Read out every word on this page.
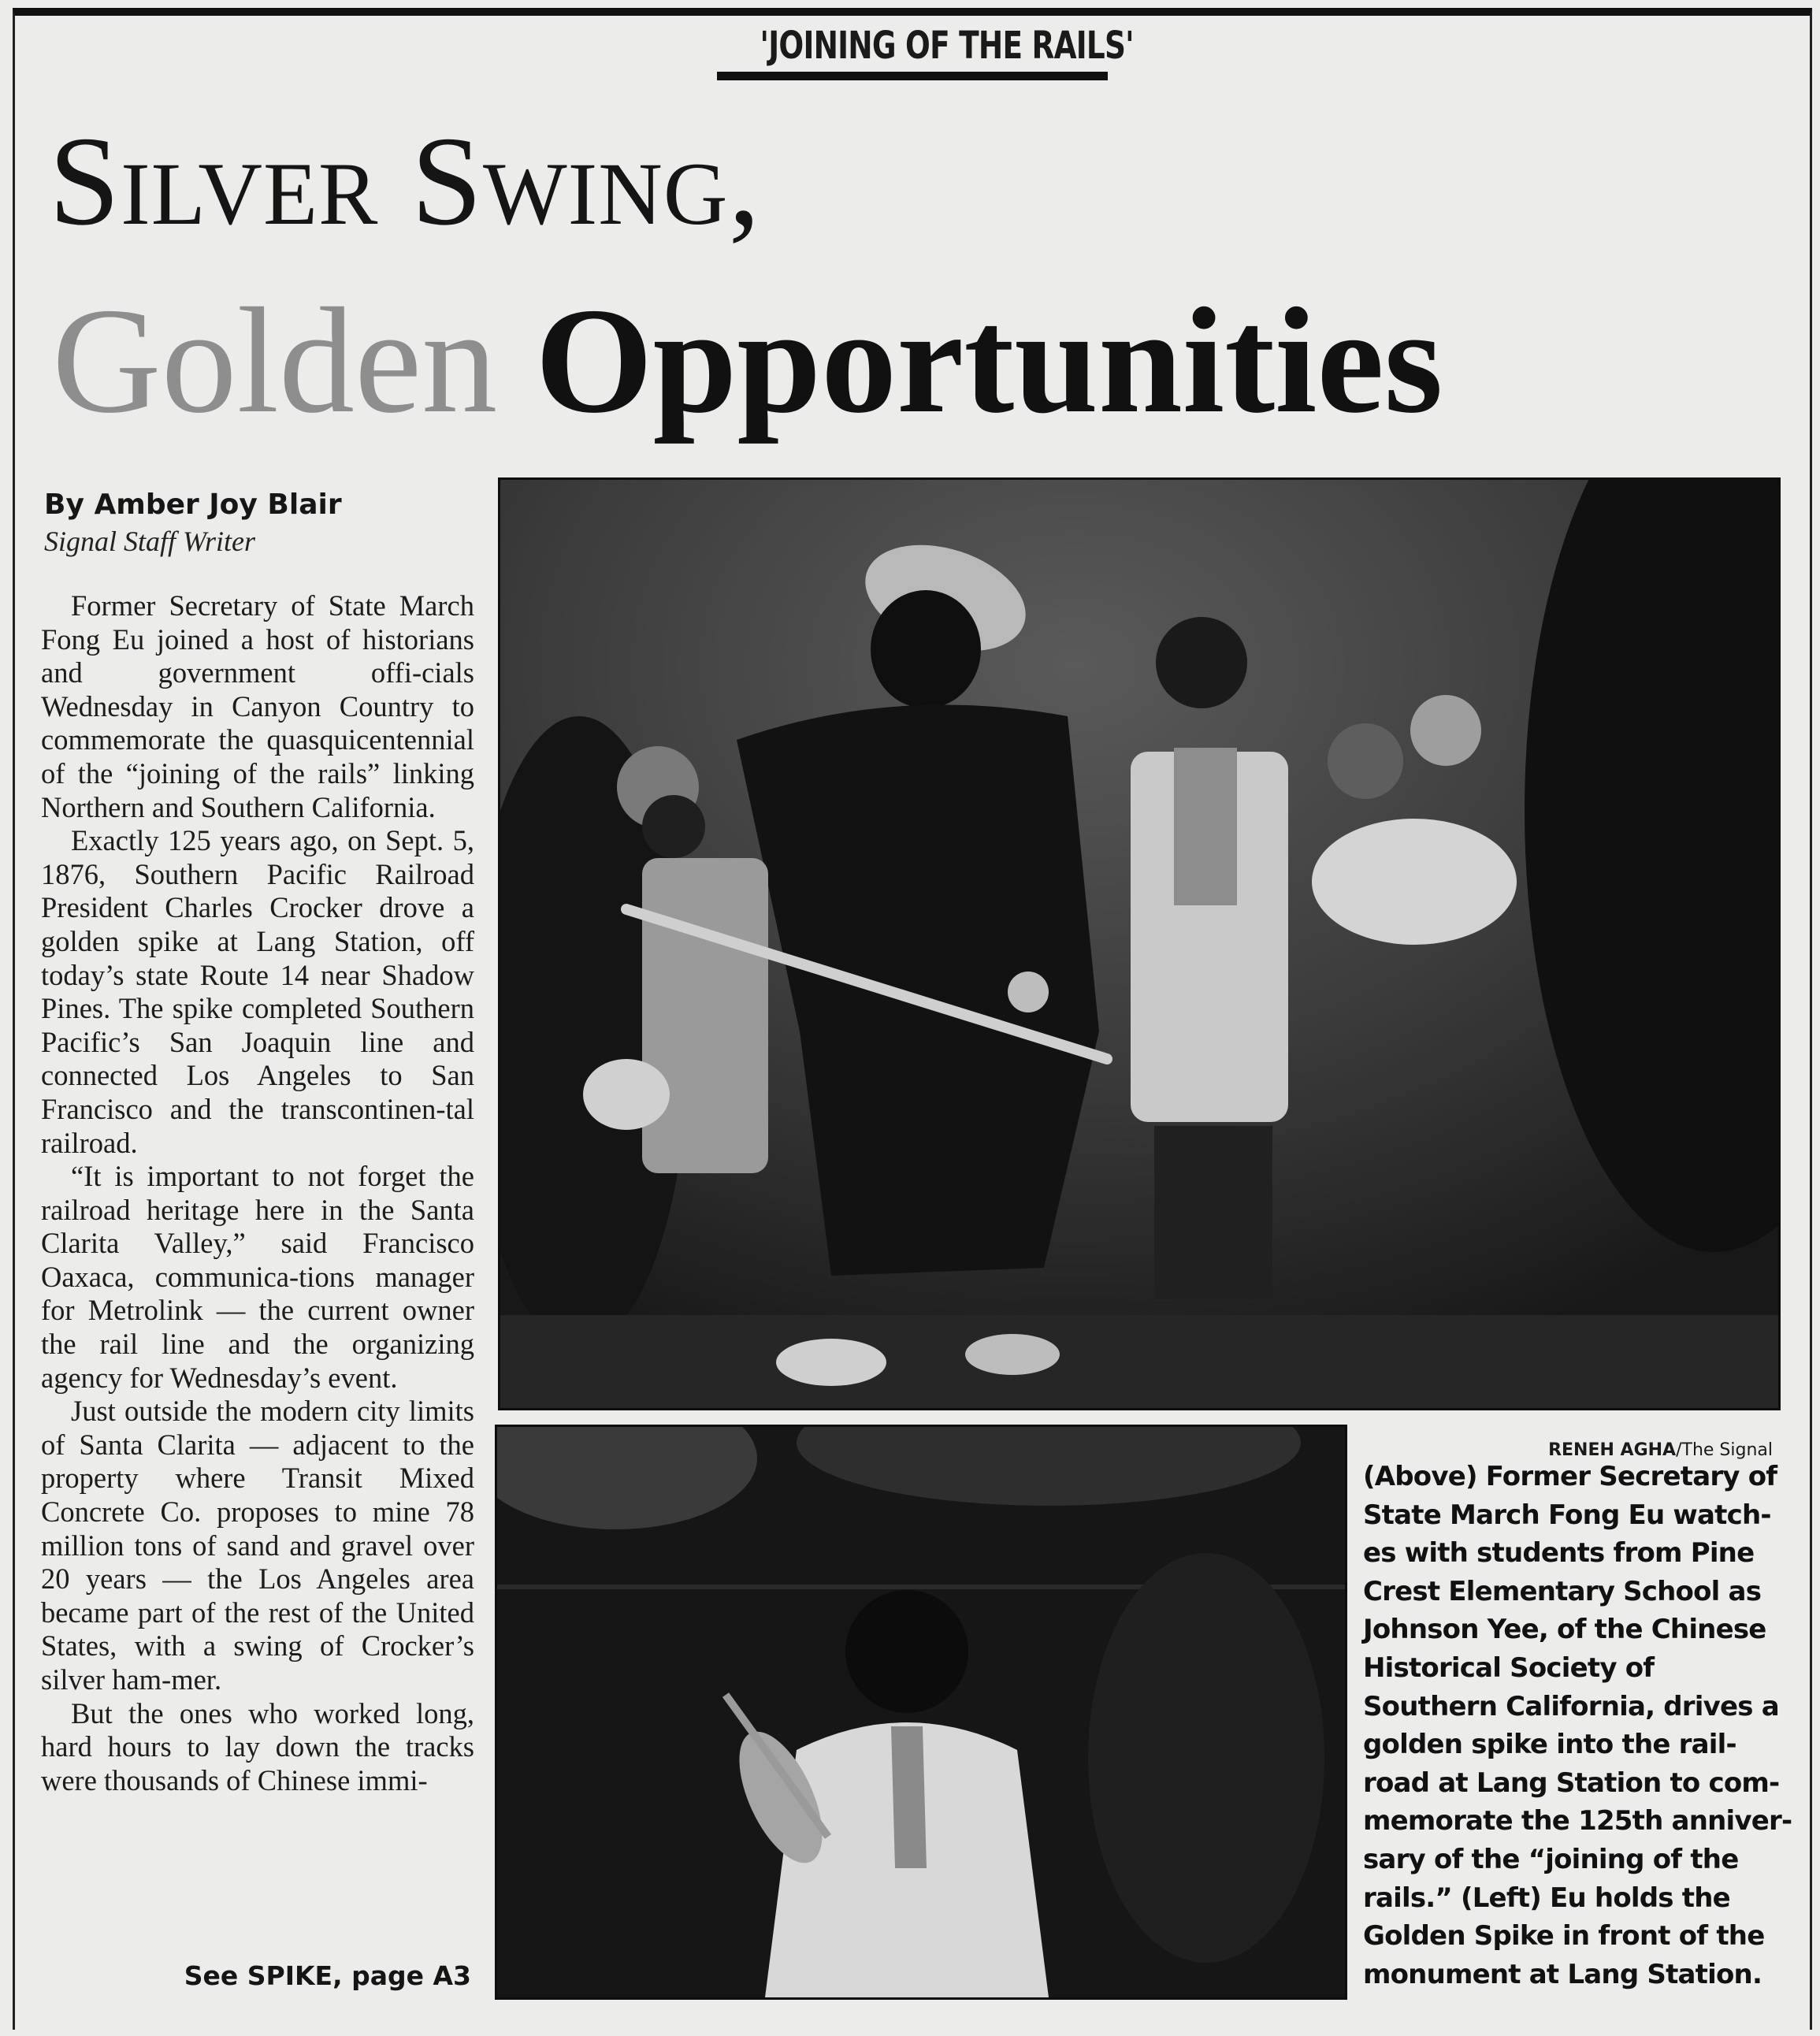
'JOINING OF THE RAILS'
Silver Swing,
Golden Opportunities
By Amber Joy Blair
Signal Staff Writer

Former Secretary of State March Fong Eu joined a host of historians and government offi-cials Wednesday in Canyon Country to commemorate the quasquicentennial of the “joining of the rails” linking Northern and Southern California.

Exactly 125 years ago, on Sept. 5, 1876, Southern Pacific Railroad President Charles Crocker drove a golden spike at Lang Station, off today’s state Route 14 near Shadow Pines. The spike completed Southern Pacific’s San Joaquin line and connected Los Angeles to San Francisco and the transcontinen-tal railroad.

“It is important to not forget the railroad heritage here in the Santa Clarita Valley,” said Francisco Oaxaca, communica-tions manager for Metrolink — the current owner the rail line and the organizing agency for Wednesday’s event.

Just outside the modern city limits of Santa Clarita — adjacent to the property where Transit Mixed Concrete Co. proposes to mine 78 million tons of sand and gravel over 20 years — the Los Angeles area became part of the rest of the United States, with a swing of Crocker’s silver ham-mer.

But the ones who worked long, hard hours to lay down the tracks were thousands of Chinese immi-

See SPIKE, page A3
RENEH AGHA/The Signal
(Above) Former Secretary of
State March Fong Eu watch-
es with students from Pine
Crest Elementary School as
Johnson Yee, of the Chinese
Historical Society of
Southern California, drives a
golden spike into the rail-
road at Lang Station to com-
memorate the 125th anniver-
sary of the “joining of the
rails.” (Left) Eu holds the
Golden Spike in front of the
monument at Lang Station.
